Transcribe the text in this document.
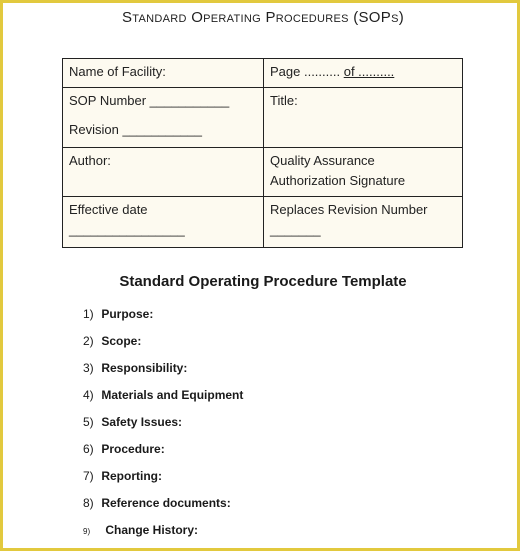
Standard Operating Procedures (SOPs)
Name of Facility:	Page .......... of ..........

SOP Number ___________
Revision ___________	Title:
Author:	Quality Assurance
Authorization Signature

Effective date
________________	Replaces Revision Number
_______
Standard Operating Procedure Template
1) Purpose:
2) Scope:
3) Responsibility:
4) Materials and Equipment
5) Safety Issues:
6) Procedure:
7) Reporting:
8) Reference documents:
9) Change History:
